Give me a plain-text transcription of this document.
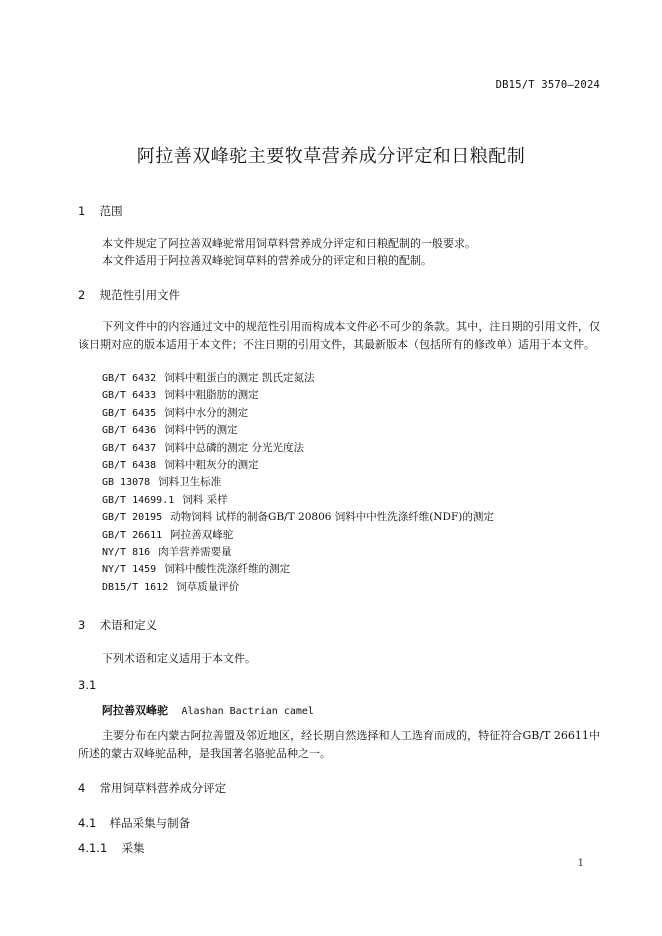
DB15/T 3570—2024
阿拉善双峰驼主要牧草营养成分评定和日粮配制
1 范围
本文件规定了阿拉善双峰驼常用饲草料营养成分评定和日粮配制的一般要求。
本文件适用于阿拉善双峰驼饲草料的营养成分的评定和日粮的配制。
2 规范性引用文件
下列文件中的内容通过文中的规范性引用而构成本文件必不可少的条款。其中，注日期的引用文件，仅该日期对应的版本适用于本文件；不注日期的引用文件，其最新版本（包括所有的修改单）适用于本文件。
GB/T 6432 饲料中粗蛋白的测定 凯氏定氮法
GB/T 6433 饲料中粗脂肪的测定
GB/T 6435 饲料中水分的测定
GB/T 6436 饲料中钙的测定
GB/T 6437 饲料中总磷的测定 分光光度法
GB/T 6438 饲料中粗灰分的测定
GB 13078 饲料卫生标准
GB/T 14699.1 饲料 采样
GB/T 20195 动物饲料 试样的制备GB/T 20806 饲料中中性洗涤纤维(NDF)的测定
GB/T 26611 阿拉善双峰驼
NY/T 816 肉羊营养需要量
NY/T 1459 饲料中酸性洗涤纤维的测定
DB15/T 1612 饲草质量评价
3 术语和定义
下列术语和定义适用于本文件。
3.1
阿拉善双峰驼 Alashan Bactrian camel
主要分布在内蒙古阿拉善盟及邻近地区，经长期自然选择和人工选育而成的，特征符合GB/T 26611中所述的蒙古双峰驼品种，是我国著名骆驼品种之一。
4 常用饲草料营养成分评定
4.1 样品采集与制备
4.1.1 采集
1
